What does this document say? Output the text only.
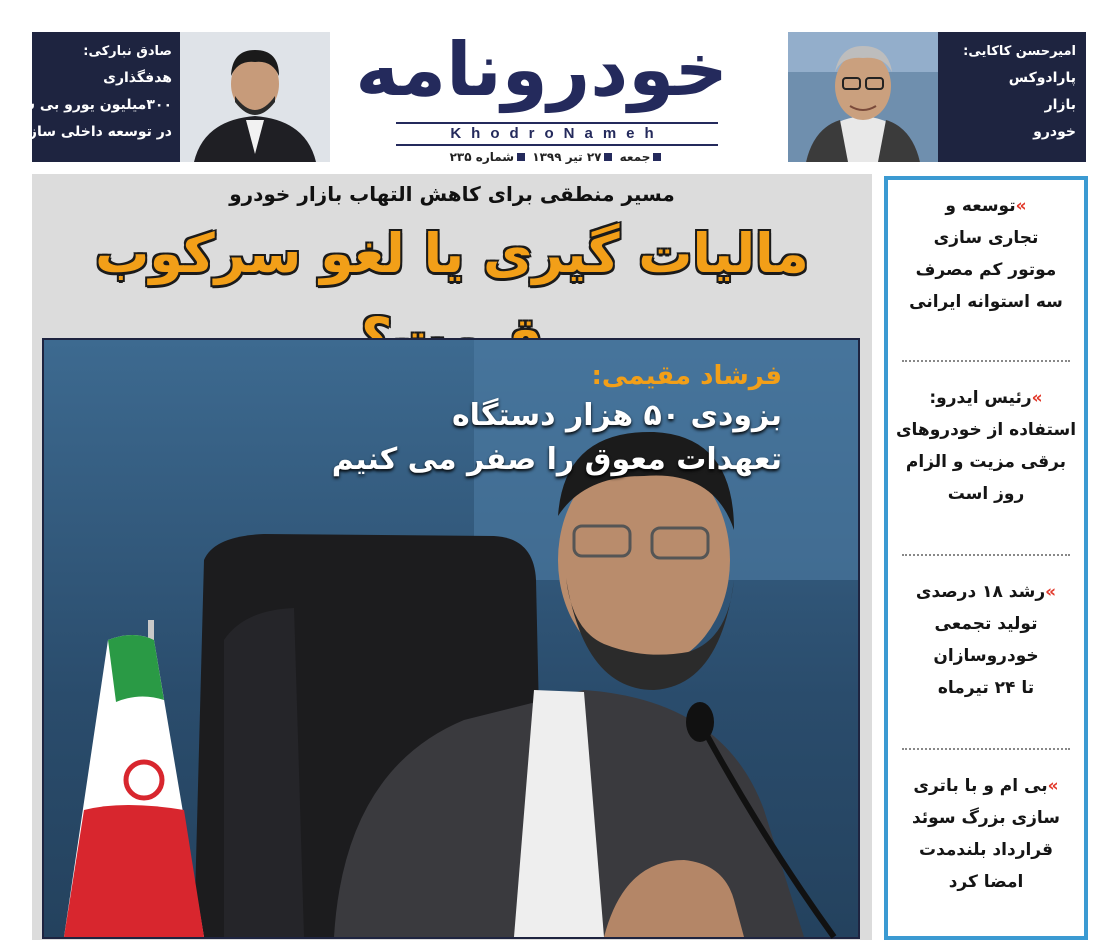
امیرحسن کاکایی:
پارادوکس
بازار
خودرو
خودرونامه
KhodroNameh
جمعه ۲۷ تیر ۱۳۹۹ شماره ۲۳۵
صادق نبارکی:
هدفگذاری
۳۰۰میلیون یورو بی سایپا
در توسعه داخلی سازی
مسیر منطقی برای کاهش التهاب بازار خودرو
مالیات گیری یا لغو سرکوب
فرشاد مقیمی:
بزودی ۵۰ هزار دستگاه
تعهدات معوق را صفر می کنیم
»توسعه و
تجاری سازی
موتور کم مصرف
سه استوانه ایرانی
»رئیس ایدرو:
استفاده از خودروهای
برقی مزیت و الزام
روز است
»رشد ۱۸ درصدی
تولید تجمعی
خودروسازان
تا ۲۴ تیرماه
»بی ام و با باتری
سازی بزرگ سوئد
قرارداد بلندمدت
امضا کرد
